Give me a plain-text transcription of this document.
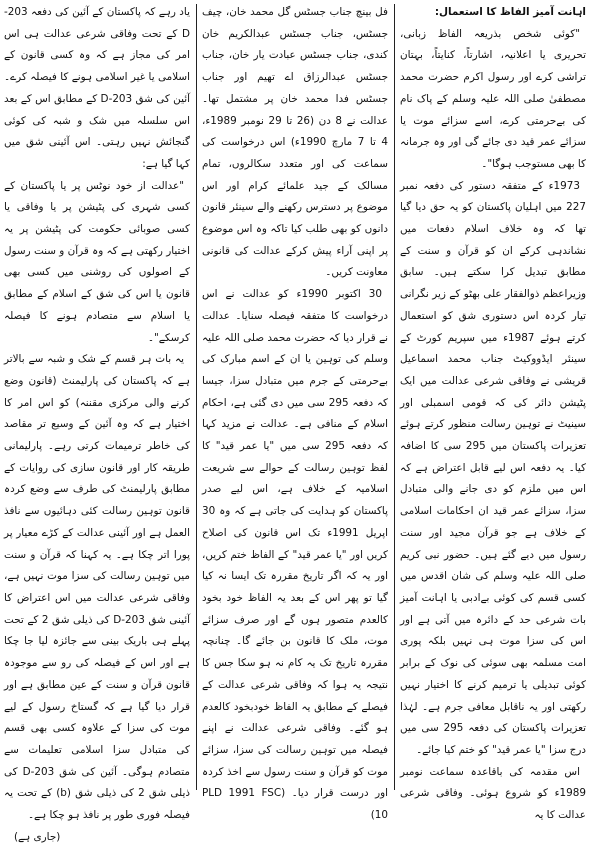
اہانت آمیز الفاظ کا استعمال:

"کوئی شخص بذریعہ الفاظ زبانی، تحریری یا اعلانیہ، اشارتاً، کنایتاً، بہتان تراشی کرے اور رسول اکرم حضرت محمد مصطفیٰ صلی اللہ علیہ وسلم کے پاک نام کی بےحرمتی کرے، اسے سزائے موت یا سزائے عمر قید دی جائے گی اور وہ جرمانہ کا بھی مستوجب ہوگا"۔

1973ء کے متفقہ دستور کی دفعہ نمبر 227 میں اہلیان پاکستان کو یہ حق دیا گیا تھا کہ وہ خلاف اسلام دفعات میں نشاندہی کرکے ان کو قرآن و سنت کے مطابق تبدیل کرا سکتے ہیں۔ سابق وزیراعظم ذوالفقار علی بھٹو کے زیر نگرانی تیار کردہ اس دستوری شق کو استعمال کرتے ہوئے 1987ء میں سپریم کورٹ کے سینئر ایڈووکیٹ جناب محمد اسماعیل قریشی نے وفاقی شرعی عدالت میں ایک پٹیشن دائر کی کہ قومی اسمبلی اور سینیٹ نے توہین رسالت منظور کرتے ہوئے تعزیرات پاکستان میں 295 سی کا اضافہ کیا۔ یہ دفعہ اس لیے قابل اعتراض ہے کہ اس میں ملزم کو دی جانے والی متبادل سزا، سزائے عمر قید ان احکامات اسلامی کے خلاف ہے جو قرآن مجید اور سنت رسول میں دیے گئے ہیں۔ حضور نبی کریم صلی اللہ علیہ وسلم کی شان اقدس میں کسی قسم کی کوئی بےادبی یا اہانت آمیز بات شرعی حد کے دائرہ میں آتی ہے اور اس کی سزا موت ہی نہیں بلکہ پوری امت مسلمہ بھی سوئی کی نوک کے برابر کوئی تبدیلی یا ترمیم کرنے کا اختیار نہیں رکھتی اور یہ ناقابل معافی جرم ہے۔ لہٰذا تعزیرات پاکستان کی دفعہ 295 سی میں درج سزا "یا عمر قید" کو ختم کیا جائے۔

اس مقدمہ کی باقاعدہ سماعت نومبر 1989ء کو شروع ہوئی۔ وفاقی شرعی عدالت کا یہ

فل بینچ جناب جسٹس گل محمد خان، چیف جسٹس، جناب جسٹس عبدالکریم خان کندی، جناب جسٹس عبادت یار خان، جناب جسٹس عبدالرزاق اے تھیم اور جناب جسٹس فدا محمد خان پر مشتمل تھا۔ عدالت نے 8 دن (26 تا 29 نومبر 1989ء، 4 تا 7 مارچ 1990ء) اس درخواست کی سماعت کی اور متعدد سکالروں، تمام مسالک کے جید علمائے کرام اور اس موضوع پر دسترس رکھنے والے سینئر قانون دانوں کو بھی طلب کیا تاکہ وہ اس موضوع پر اپنی آراء پیش کرکے عدالت کی قانونی معاونت کریں۔

30 اکتوبر 1990ء کو عدالت نے اس درخواست کا متفقہ فیصلہ سنایا۔ عدالت نے قرار دیا کہ حضرت محمد صلی اللہ علیہ وسلم کی توہین یا ان کے اسم مبارک کی بےحرمتی کے جرم میں متبادل سزا، جیسا کہ دفعہ 295 سی میں دی گئی ہے، احکام اسلام کے منافی ہے۔ عدالت نے مزید کہا کہ دفعہ 295 سی میں "یا عمر قید" کا لفظ توہین رسالت کے حوالے سے شریعت اسلامیہ کے خلاف ہے، اس لیے صدر پاکستان کو ہدایت کی جاتی ہے کہ وہ 30 اپریل 1991ء تک اس قانون کی اصلاح کریں اور "یا عمر قید" کے الفاظ ختم کریں، اور یہ کہ اگر تاریخ مقررہ تک ایسا نہ کیا گیا تو پھر اس کے بعد یہ الفاظ خود بخود کالعدم متصور ہوں گے اور صرف سزائے موت، ملک کا قانون بن جائے گا۔ چنانچہ مقررہ تاریخ تک یہ کام نہ ہو سکا جس کا نتیجہ یہ ہوا کہ وفاقی شرعی عدالت کے فیصلے کے مطابق یہ الفاظ خودبخود کالعدم ہو گئے۔ وفاقی شرعی عدالت نے اپنے فیصلہ میں توہین رسالت کی سزا، سزائے موت کو قرآن و سنت رسول سے اخذ کردہ اور درست قرار دیا۔ (PLD 1991 FSC 10)

یاد رہے کہ پاکستان کے آئین کی دفعہ 203-D کے تحت وفاقی شرعی عدالت ہی اس امر کی مجاز ہے کہ وہ کسی قانون کے اسلامی یا غیر اسلامی ہونے کا فیصلہ کرے۔ آئین کی شق 203-D کے مطابق اس کے بعد اس سلسلہ میں شک و شبہ کی کوئی گنجائش نہیں رہتی۔ اس آئینی شق میں کہا گیا ہے:

"عدالت از خود نوٹس پر یا پاکستان کے کسی شہری کی پٹیشن پر یا وفاقی یا کسی صوبائی حکومت کی پٹیشن پر یہ اختیار رکھتی ہے کہ وہ قرآن و سنت رسول کے اصولوں کی روشنی میں کسی بھی قانون یا اس کی شق کے اسلام کے مطابق یا اسلام سے متصادم ہونے کا فیصلہ کرسکے"۔

یہ بات ہر قسم کے شک و شبہ سے بالاتر ہے کہ پاکستان کی پارلیمنٹ (قانون وضع کرنے والی مرکزی مقننہ) کو اس امر کا اختیار ہے کہ وہ آئین کے وسیع تر مقاصد کی خاطر ترمیمات کرتی رہے۔ پارلیمانی طریقہ کار اور قانون سازی کی روایات کے مطابق پارلیمنٹ کی طرف سے وضع کردہ قانون توہین رسالت کئی دہائیوں سے نافذ العمل ہے اور آئینی عدالت کے کڑے معیار پر پورا اتر چکا ہے۔ یہ کہنا کہ قرآن و سنت میں توہین رسالت کی سزا موت نہیں ہے، وفاقی شرعی عدالت میں اس اعتراض کا آئینی شق 203-D کی ذیلی شق 2 کے تحت پہلے ہی باریک بینی سے جائزہ لیا جا چکا ہے اور اس کے فیصلہ کی رو سے موجودہ قانون قرآن و سنت کے عین مطابق ہے اور قرار دیا گیا ہے کہ گستاخ رسول کے لیے موت کی سزا کے علاوہ کسی بھی قسم کی متبادل سزا اسلامی تعلیمات سے متصادم ہوگی۔ آئین کی شق 203-D کی ذیلی شق 2 کی ذیلی شق (b) کے تحت یہ فیصلہ فوری طور پر نافذ ہو چکا ہے۔

(جاری ہے)
